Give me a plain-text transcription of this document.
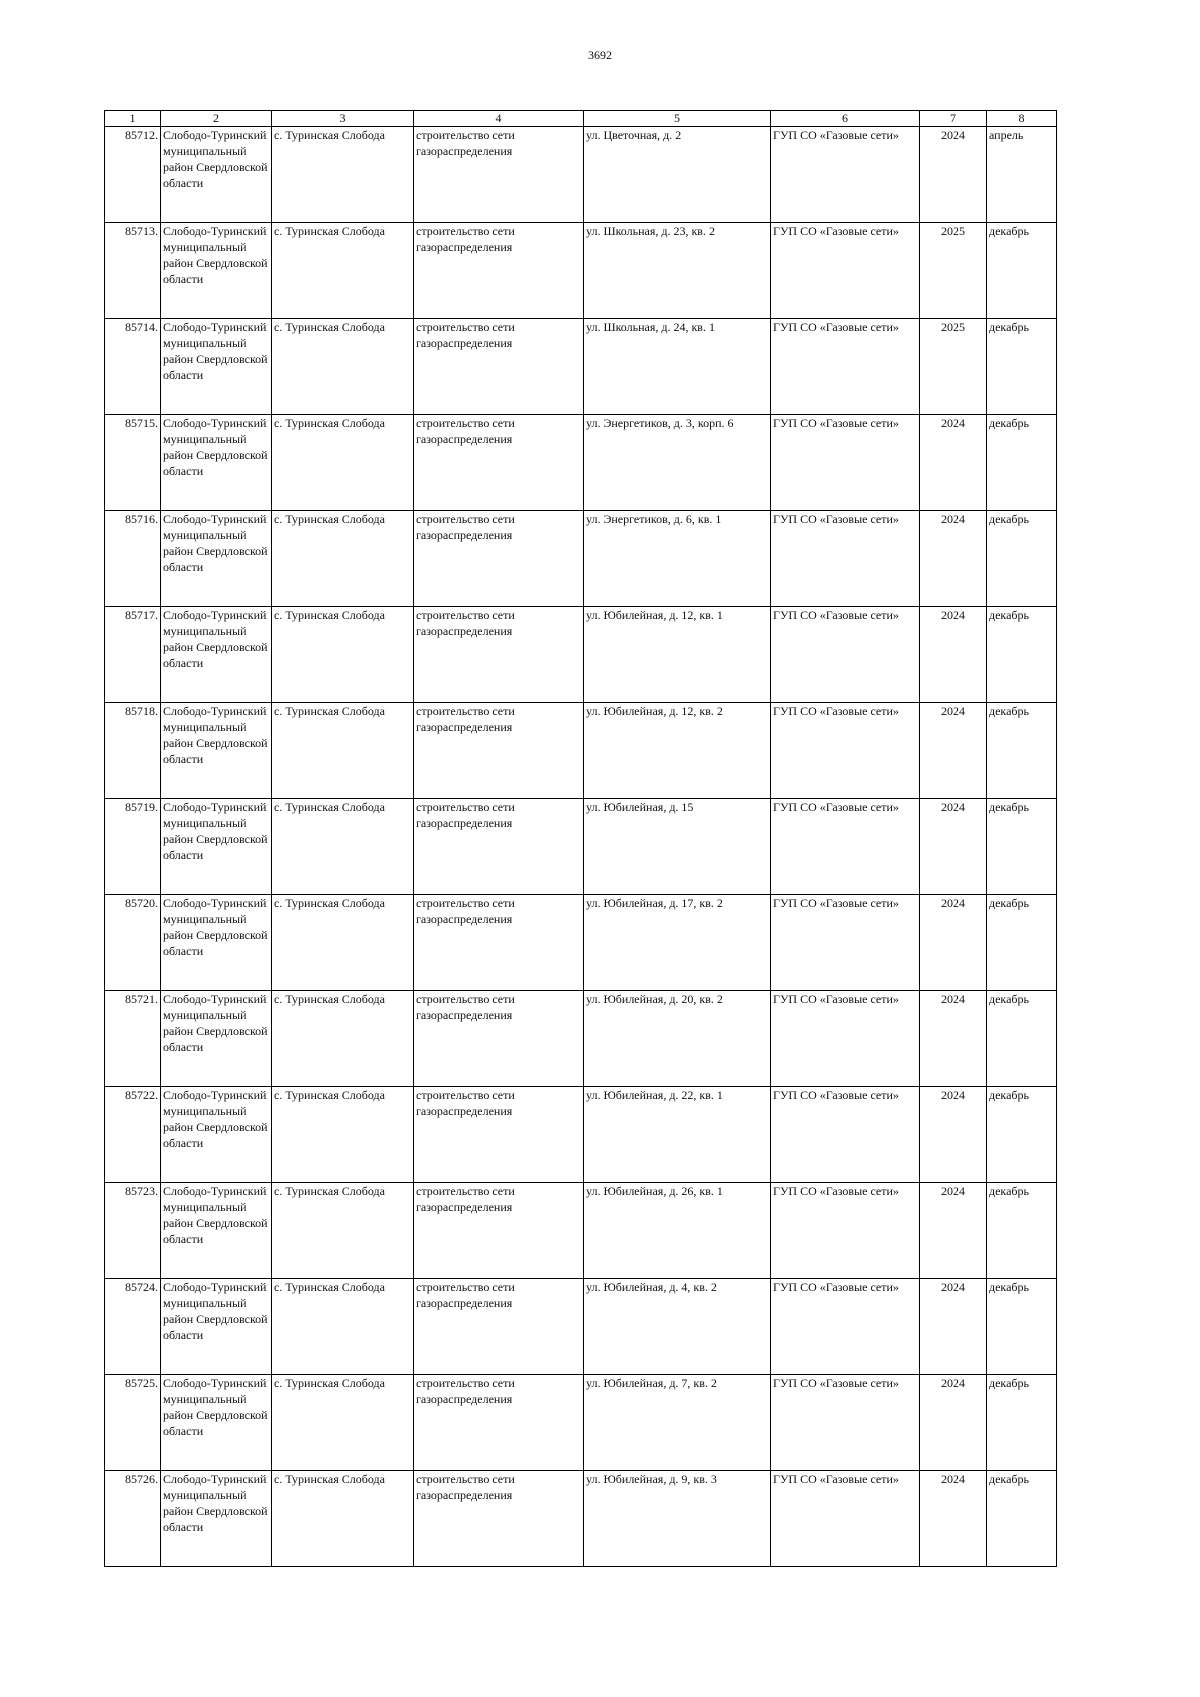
3692
1	2	3	4	5	6	7	8
85712.	Слободо-Туринский муниципальный район Свердловской области	с. Туринская Слобода	строительство сети газораспределения	ул. Цветочная, д. 2	ГУП СО «Газовые сети»	2024	апрель
85713.	Слободо-Туринский муниципальный район Свердловской области	с. Туринская Слобода	строительство сети газораспределения	ул. Школьная, д. 23, кв. 2	ГУП СО «Газовые сети»	2025	декабрь
85714.	Слободо-Туринский муниципальный район Свердловской области	с. Туринская Слобода	строительство сети газораспределения	ул. Школьная, д. 24, кв. 1	ГУП СО «Газовые сети»	2025	декабрь
85715.	Слободо-Туринский муниципальный район Свердловской области	с. Туринская Слобода	строительство сети газораспределения	ул. Энергетиков, д. 3, корп. 6	ГУП СО «Газовые сети»	2024	декабрь
85716.	Слободо-Туринский муниципальный район Свердловской области	с. Туринская Слобода	строительство сети газораспределения	ул. Энергетиков, д. 6, кв. 1	ГУП СО «Газовые сети»	2024	декабрь
85717.	Слободо-Туринский муниципальный район Свердловской области	с. Туринская Слобода	строительство сети газораспределения	ул. Юбилейная, д. 12, кв. 1	ГУП СО «Газовые сети»	2024	декабрь
85718.	Слободо-Туринский муниципальный район Свердловской области	с. Туринская Слобода	строительство сети газораспределения	ул. Юбилейная, д. 12, кв. 2	ГУП СО «Газовые сети»	2024	декабрь
85719.	Слободо-Туринский муниципальный район Свердловской области	с. Туринская Слобода	строительство сети газораспределения	ул. Юбилейная, д. 15	ГУП СО «Газовые сети»	2024	декабрь
85720.	Слободо-Туринский муниципальный район Свердловской области	с. Туринская Слобода	строительство сети газораспределения	ул. Юбилейная, д. 17, кв. 2	ГУП СО «Газовые сети»	2024	декабрь
85721.	Слободо-Туринский муниципальный район Свердловской области	с. Туринская Слобода	строительство сети газораспределения	ул. Юбилейная, д. 20, кв. 2	ГУП СО «Газовые сети»	2024	декабрь
85722.	Слободо-Туринский муниципальный район Свердловской области	с. Туринская Слобода	строительство сети газораспределения	ул. Юбилейная, д. 22, кв. 1	ГУП СО «Газовые сети»	2024	декабрь
85723.	Слободо-Туринский муниципальный район Свердловской области	с. Туринская Слобода	строительство сети газораспределения	ул. Юбилейная, д. 26, кв. 1	ГУП СО «Газовые сети»	2024	декабрь
85724.	Слободо-Туринский муниципальный район Свердловской области	с. Туринская Слобода	строительство сети газораспределения	ул. Юбилейная, д. 4, кв. 2	ГУП СО «Газовые сети»	2024	декабрь
85725.	Слободо-Туринский муниципальный район Свердловской области	с. Туринская Слобода	строительство сети газораспределения	ул. Юбилейная, д. 7, кв. 2	ГУП СО «Газовые сети»	2024	декабрь
85726.	Слободо-Туринский муниципальный район Свердловской области	с. Туринская Слобода	строительство сети газораспределения	ул. Юбилейная, д. 9, кв. 3	ГУП СО «Газовые сети»	2024	декабрь
